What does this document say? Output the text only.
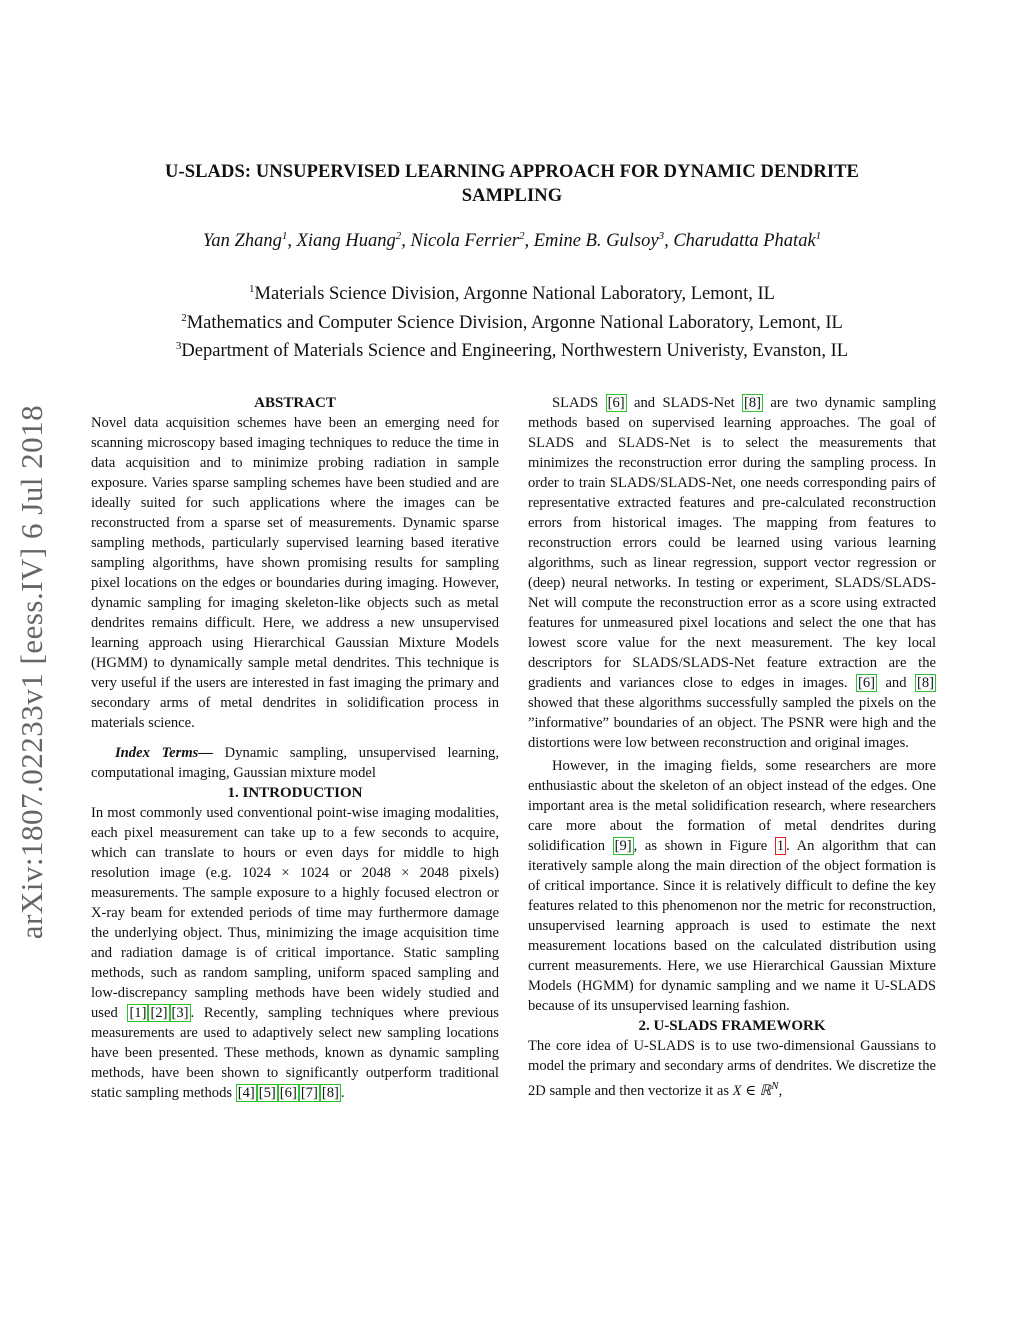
arXiv:1807.02233v1 [eess.IV] 6 Jul 2018
U-SLADS: UNSUPERVISED LEARNING APPROACH FOR DYNAMIC DENDRITE
SAMPLING
Yan Zhang$^1$, Xiang Huang$^2$, Nicola Ferrier$^2$, Emine B. Gulsoy$^3$, Charudatta Phatak$^1$
$^1$Materials Science Division, Argonne National Laboratory, Lemont, IL
$^2$Mathematics and Computer Science Division, Argonne National Laboratory, Lemont, IL
$^3$Department of Materials Science and Engineering, Northwestern Univeristy, Evanston, IL

ABSTRACT

Novel data acquisition schemes have been an emerging need for scanning microscopy based imaging techniques to reduce the time in data acquisition and to minimize probing radiation in sample exposure. Varies sparse sampling schemes have been studied and are ideally suited for such applications where the images can be reconstructed from a sparse set of measurements. Dynamic sparse sampling methods, particularly supervised learning based iterative sampling algorithms, have shown promising results for sampling pixel locations on the edges or boundaries during imaging. However, dynamic sampling for imaging skeleton-like objects such as metal dendrites remains difficult. Here, we address a new unsupervised learning approach using Hierarchical Gaussian Mixture Models (HGMM) to dynamically sample metal dendrites. This technique is very useful if the users are interested in fast imaging the primary and secondary arms of metal dendrites in solidification process in materials science.

Index Terms— Dynamic sampling, unsupervised learning, computational imaging, Gaussian mixture model

1. INTRODUCTION

In most commonly used conventional point-wise imaging modalities, each pixel measurement can take up to a few seconds to acquire, which can translate to hours or even days for middle to high resolution image (e.g. 1024 × 1024 or 2048 × 2048 pixels) measurements. The sample exposure to a highly focused electron or X-ray beam for extended periods of time may furthermore damage the underlying object. Thus, minimizing the image acquisition time and radiation damage is of critical importance. Static sampling methods, such as random sampling, uniform spaced sampling and low-discrepancy sampling methods have been widely studied and used [1] [2] [3] . Recently, sampling techniques where previous measurements are used to adaptively select new sampling locations have been presented. These methods, known as dynamic sampling methods, have been shown to significantly outperform traditional static sampling methods [4] [5] [6] [7] [8] .

SLADS [6] and SLADS-Net [8] are two dynamic sampling methods based on supervised learning approaches. The goal of SLADS and SLADS-Net is to select the measurements that minimizes the reconstruction error during the sampling process. In order to train SLADS/SLADS-Net, one needs corresponding pairs of representative extracted features and pre-calculated reconstruction errors from historical images. The mapping from features to reconstruction errors could be learned using various learning algorithms, such as linear regression, support vector regression or (deep) neural networks. In testing or experiment, SLADS/SLADS-Net will compute the reconstruction error as a score using extracted features for unmeasured pixel locations and select the one that has lowest score value for the next measurement. The key local descriptors for SLADS/SLADS-Net feature extraction are the gradients and variances close to edges in images. [6] and [8] showed that these algorithms successfully sampled the pixels on the ”informative” boundaries of an object. The PSNR were high and the distortions were low between reconstruction and original images.

However, in the imaging fields, some researchers are more enthusiastic about the skeleton of an object instead of the edges. One important area is the metal solidification research, where researchers care more about the formation of metal dendrites during solidification [9] , as shown in Figure 1 . An algorithm that can iteratively sample along the main direction of the object formation is of critical importance. Since it is relatively difficult to define the key features related to this phenomenon nor the metric for reconstruction, unsupervised learning approach is used to estimate the next measurement locations based on the calculated distribution using current measurements. Here, we use Hierarchical Gaussian Mixture Models (HGMM) for dynamic sampling and we name it U-SLADS because of its unsupervised learning fashion.

2. U-SLADS FRAMEWORK

The core idea of U-SLADS is to use two-dimensional Gaussians to model the primary and secondary arms of dendrites. We discretize the 2D sample and then vectorize it as X ∈ ℝ$^N$,
